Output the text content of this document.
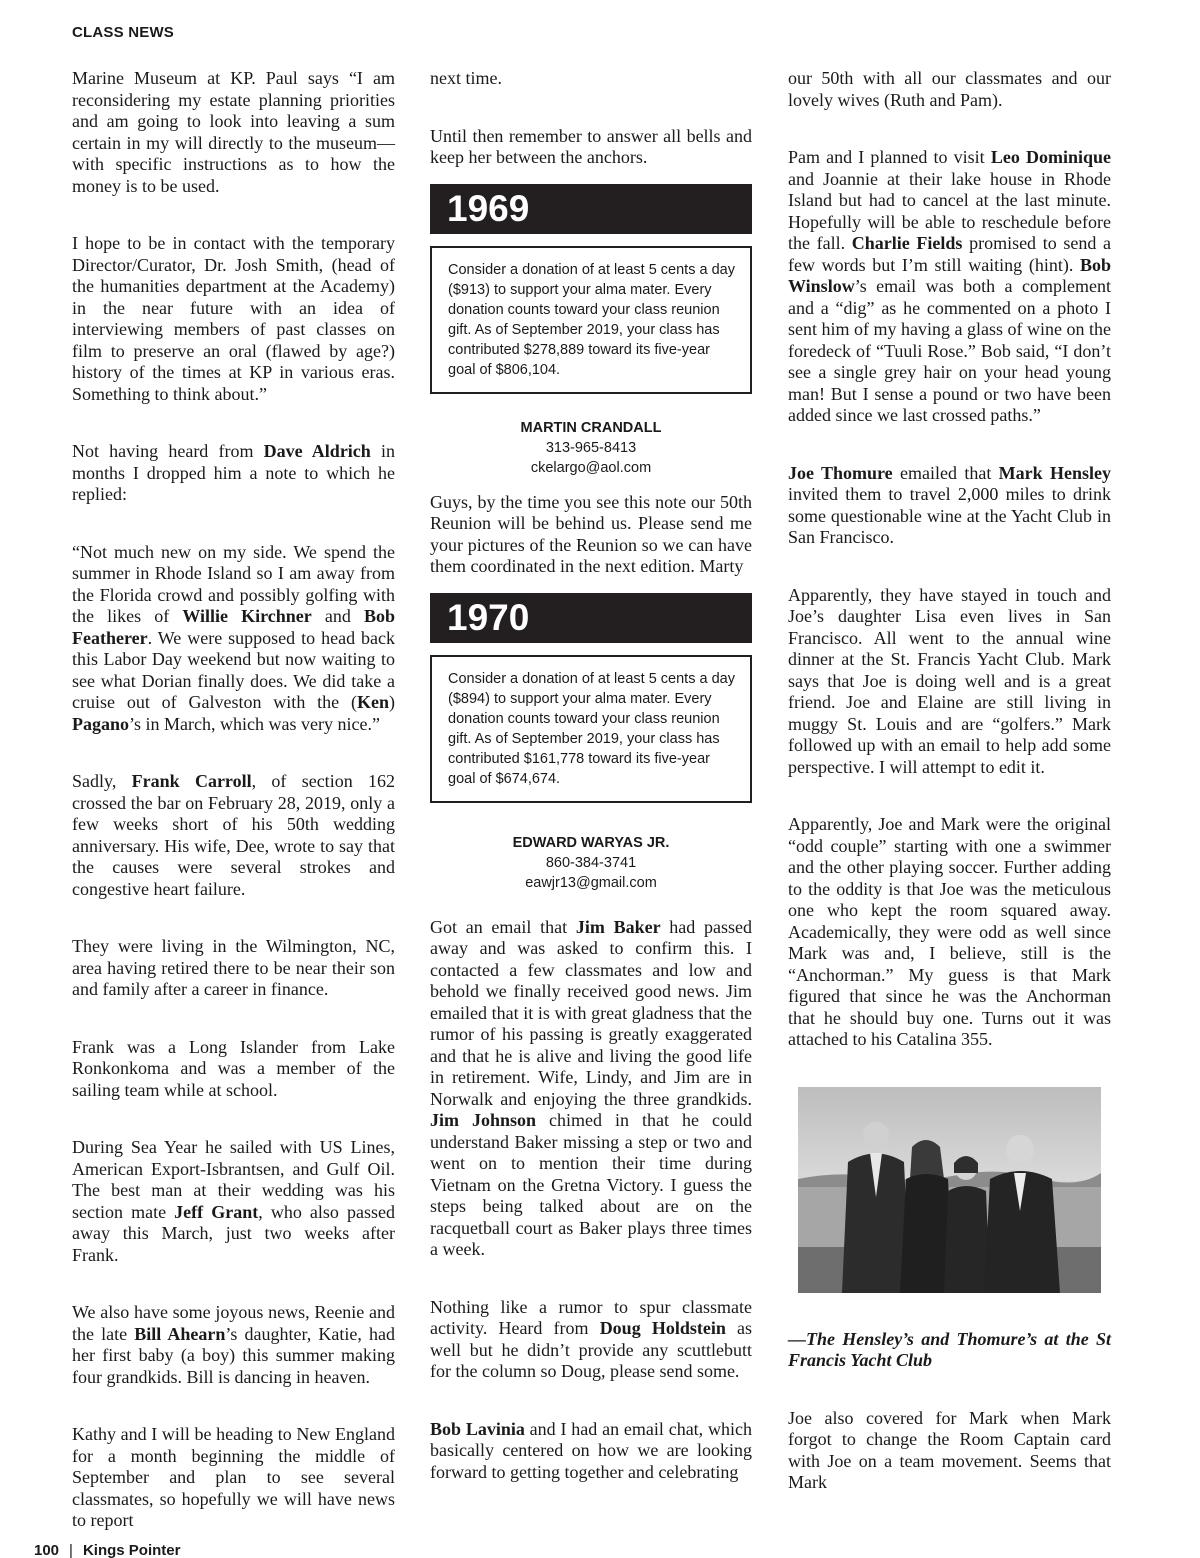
CLASS NEWS

Marine Museum at KP. Paul says “I am reconsidering my estate planning priorities and am going to look into leaving a sum certain in my will directly to the museum—with specific instructions as to how the money is to be used.

I hope to be in contact with the temporary Director/Curator, Dr. Josh Smith, (head of the humanities department at the Academy) in the near future with an idea of interviewing members of past classes on film to preserve an oral (flawed by age?) history of the times at KP in various eras. Something to think about.”

Not having heard from Dave Aldrich in months I dropped him a note to which he replied:

“Not much new on my side. We spend the summer in Rhode Island so I am away from the Florida crowd and possibly golfing with the likes of Willie Kirchner and Bob Featherer. We were supposed to head back this Labor Day weekend but now waiting to see what Dorian finally does. We did take a cruise out of Galveston with the (Ken) Pagano’s in March, which was very nice.”

Sadly, Frank Carroll, of section 162 crossed the bar on February 28, 2019, only a few weeks short of his 50th wedding anniversary. His wife, Dee, wrote to say that the causes were several strokes and congestive heart failure.

They were living in the Wilmington, NC, area having retired there to be near their son and family after a career in finance.

Frank was a Long Islander from Lake Ronkonkoma and was a member of the sailing team while at school.

During Sea Year he sailed with US Lines, American Export-Isbrantsen, and Gulf Oil. The best man at their wedding was his section mate Jeff Grant, who also passed away this March, just two weeks after Frank.

We also have some joyous news, Reenie and the late Bill Ahearn’s daughter, Katie, had her first baby (a boy) this summer making four grandkids. Bill is dancing in heaven.

Kathy and I will be heading to New England for a month beginning the middle of September and plan to see several classmates, so hopefully we will have news to report

next time.

Until then remember to answer all bells and keep her between the anchors.

1969
Consider a donation of at least 5 cents a day ($913) to support your alma mater. Every donation counts toward your class reunion gift. As of September 2019, your class has contributed $278,889 toward its five-year goal of $806,104.
MARTIN CRANDALL
313-965-8413
ckelargo@aol.com

Guys, by the time you see this note our 50th Reunion will be behind us. Please send me your pictures of the Reunion so we can have them coordinated in the next edition. Marty

1970
Consider a donation of at least 5 cents a day ($894) to support your alma mater. Every donation counts toward your class reunion gift. As of September 2019, your class has contributed $161,778 toward its five-year goal of $674,674.
EDWARD WARYAS JR.
860-384-3741
eawjr13@gmail.com

Got an email that Jim Baker had passed away and was asked to confirm this. I contacted a few classmates and low and behold we finally received good news. Jim emailed that it is with great gladness that the rumor of his passing is greatly exaggerated and that he is alive and living the good life in retirement. Wife, Lindy, and Jim are in Norwalk and enjoying the three grandkids. Jim Johnson chimed in that he could understand Baker missing a step or two and went on to mention their time during Vietnam on the Gretna Victory. I guess the steps being talked about are on the racquetball court as Baker plays three times a week.

Nothing like a rumor to spur classmate activity. Heard from Doug Holdstein as well but he didn’t provide any scuttlebutt for the column so Doug, please send some.

Bob Lavinia and I had an email chat, which basically centered on how we are looking forward to getting together and celebrating

our 50th with all our classmates and our lovely wives (Ruth and Pam).

Pam and I planned to visit Leo Dominique and Joannie at their lake house in Rhode Island but had to cancel at the last minute. Hopefully will be able to reschedule before the fall. Charlie Fields promised to send a few words but I’m still waiting (hint). Bob Winslow’s email was both a complement and a “dig” as he commented on a photo I sent him of my having a glass of wine on the foredeck of “Tuuli Rose.” Bob said, “I don’t see a single grey hair on your head young man! But I sense a pound or two have been added since we last crossed paths.”

Joe Thomure emailed that Mark Hensley invited them to travel 2,000 miles to drink some questionable wine at the Yacht Club in San Francisco.

Apparently, they have stayed in touch and Joe’s daughter Lisa even lives in San Francisco. All went to the annual wine dinner at the St. Francis Yacht Club. Mark says that Joe is doing well and is a great friend. Joe and Elaine are still living in muggy St. Louis and are “golfers.” Mark followed up with an email to help add some perspective. I will attempt to edit it.

Apparently, Joe and Mark were the original “odd couple” starting with one a swimmer and the other playing soccer. Further adding to the oddity is that Joe was the meticulous one who kept the room squared away. Academically, they were odd as well since Mark was and, I believe, still is the “Anchorman.” My guess is that Mark figured that since he was the Anchorman that he should buy one. Turns out it was attached to his Catalina 355.

—The Hensley’s and Thomure’s at the St Francis Yacht Club

Joe also covered for Mark when Mark forgot to change the Room Captain card with Joe on a team movement. Seems that Mark

100 | Kings Pointer
